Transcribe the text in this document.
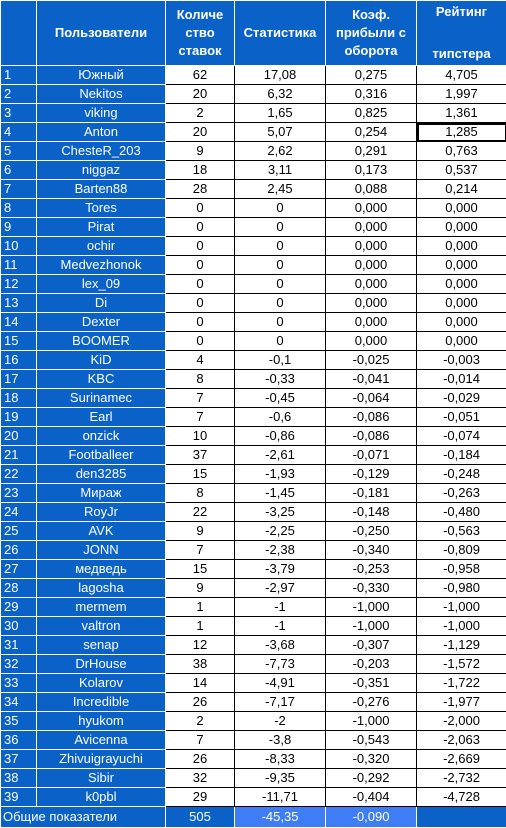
	Пользователи	Количе ство ставок	Статистика	Коэф. прибыли с оборота	Рейтинг
типстера

1	Южный	62	17,08	0,275	4,705
2	Nekitos	20	6,32	0,316	1,997
3	viking	2	1,65	0,825	1,361
4	Anton	20	5,07	0,254	1,285
5	ChesteR_203	9	2,62	0,291	0,763
6	niggaz	18	3,11	0,173	0,537
7	Barten88	28	2,45	0,088	0,214
8	Tores	0	0	0,000	0,000
9	Pirat	0	0	0,000	0,000
10	ochir	0	0	0,000	0,000
11	Medvezhonok	0	0	0,000	0,000
12	lex_09	0	0	0,000	0,000
13	Di	0	0	0,000	0,000
14	Dexter	0	0	0,000	0,000
15	BOOMER	0	0	0,000	0,000
16	KiD	4	-0,1	-0,025	-0,003
17	KBC	8	-0,33	-0,041	-0,014
18	Surinamec	7	-0,45	-0,064	-0,029
19	Earl	7	-0,6	-0,086	-0,051
20	onzick	10	-0,86	-0,086	-0,074
21	Footballeer	37	-2,61	-0,071	-0,184
22	den3285	15	-1,93	-0,129	-0,248
23	Мираж	8	-1,45	-0,181	-0,263
24	RoyJr	22	-3,25	-0,148	-0,480
25	AVK	9	-2,25	-0,250	-0,563
26	JONN	7	-2,38	-0,340	-0,809
27	медведь	15	-3,79	-0,253	-0,958
28	lagosha	9	-2,97	-0,330	-0,980
29	mermem	1	-1	-1,000	-1,000
30	valtron	1	-1	-1,000	-1,000
31	senap	12	-3,68	-0,307	-1,129
32	DrHouse	38	-7,73	-0,203	-1,572
33	Kolarov	14	-4,91	-0,351	-1,722
34	Incredible	26	-7,17	-0,276	-1,977
35	hyukom	2	-2	-1,000	-2,000
36	Avicenna	7	-3,8	-0,543	-2,063
37	Zhivuigrayuchi	26	-8,33	-0,320	-2,669
38	Sibir	32	-9,35	-0,292	-2,732
39	k0pbl	29	-11,71	-0,404	-4,728
Общие показатели		505	-45,35	-0,090	
